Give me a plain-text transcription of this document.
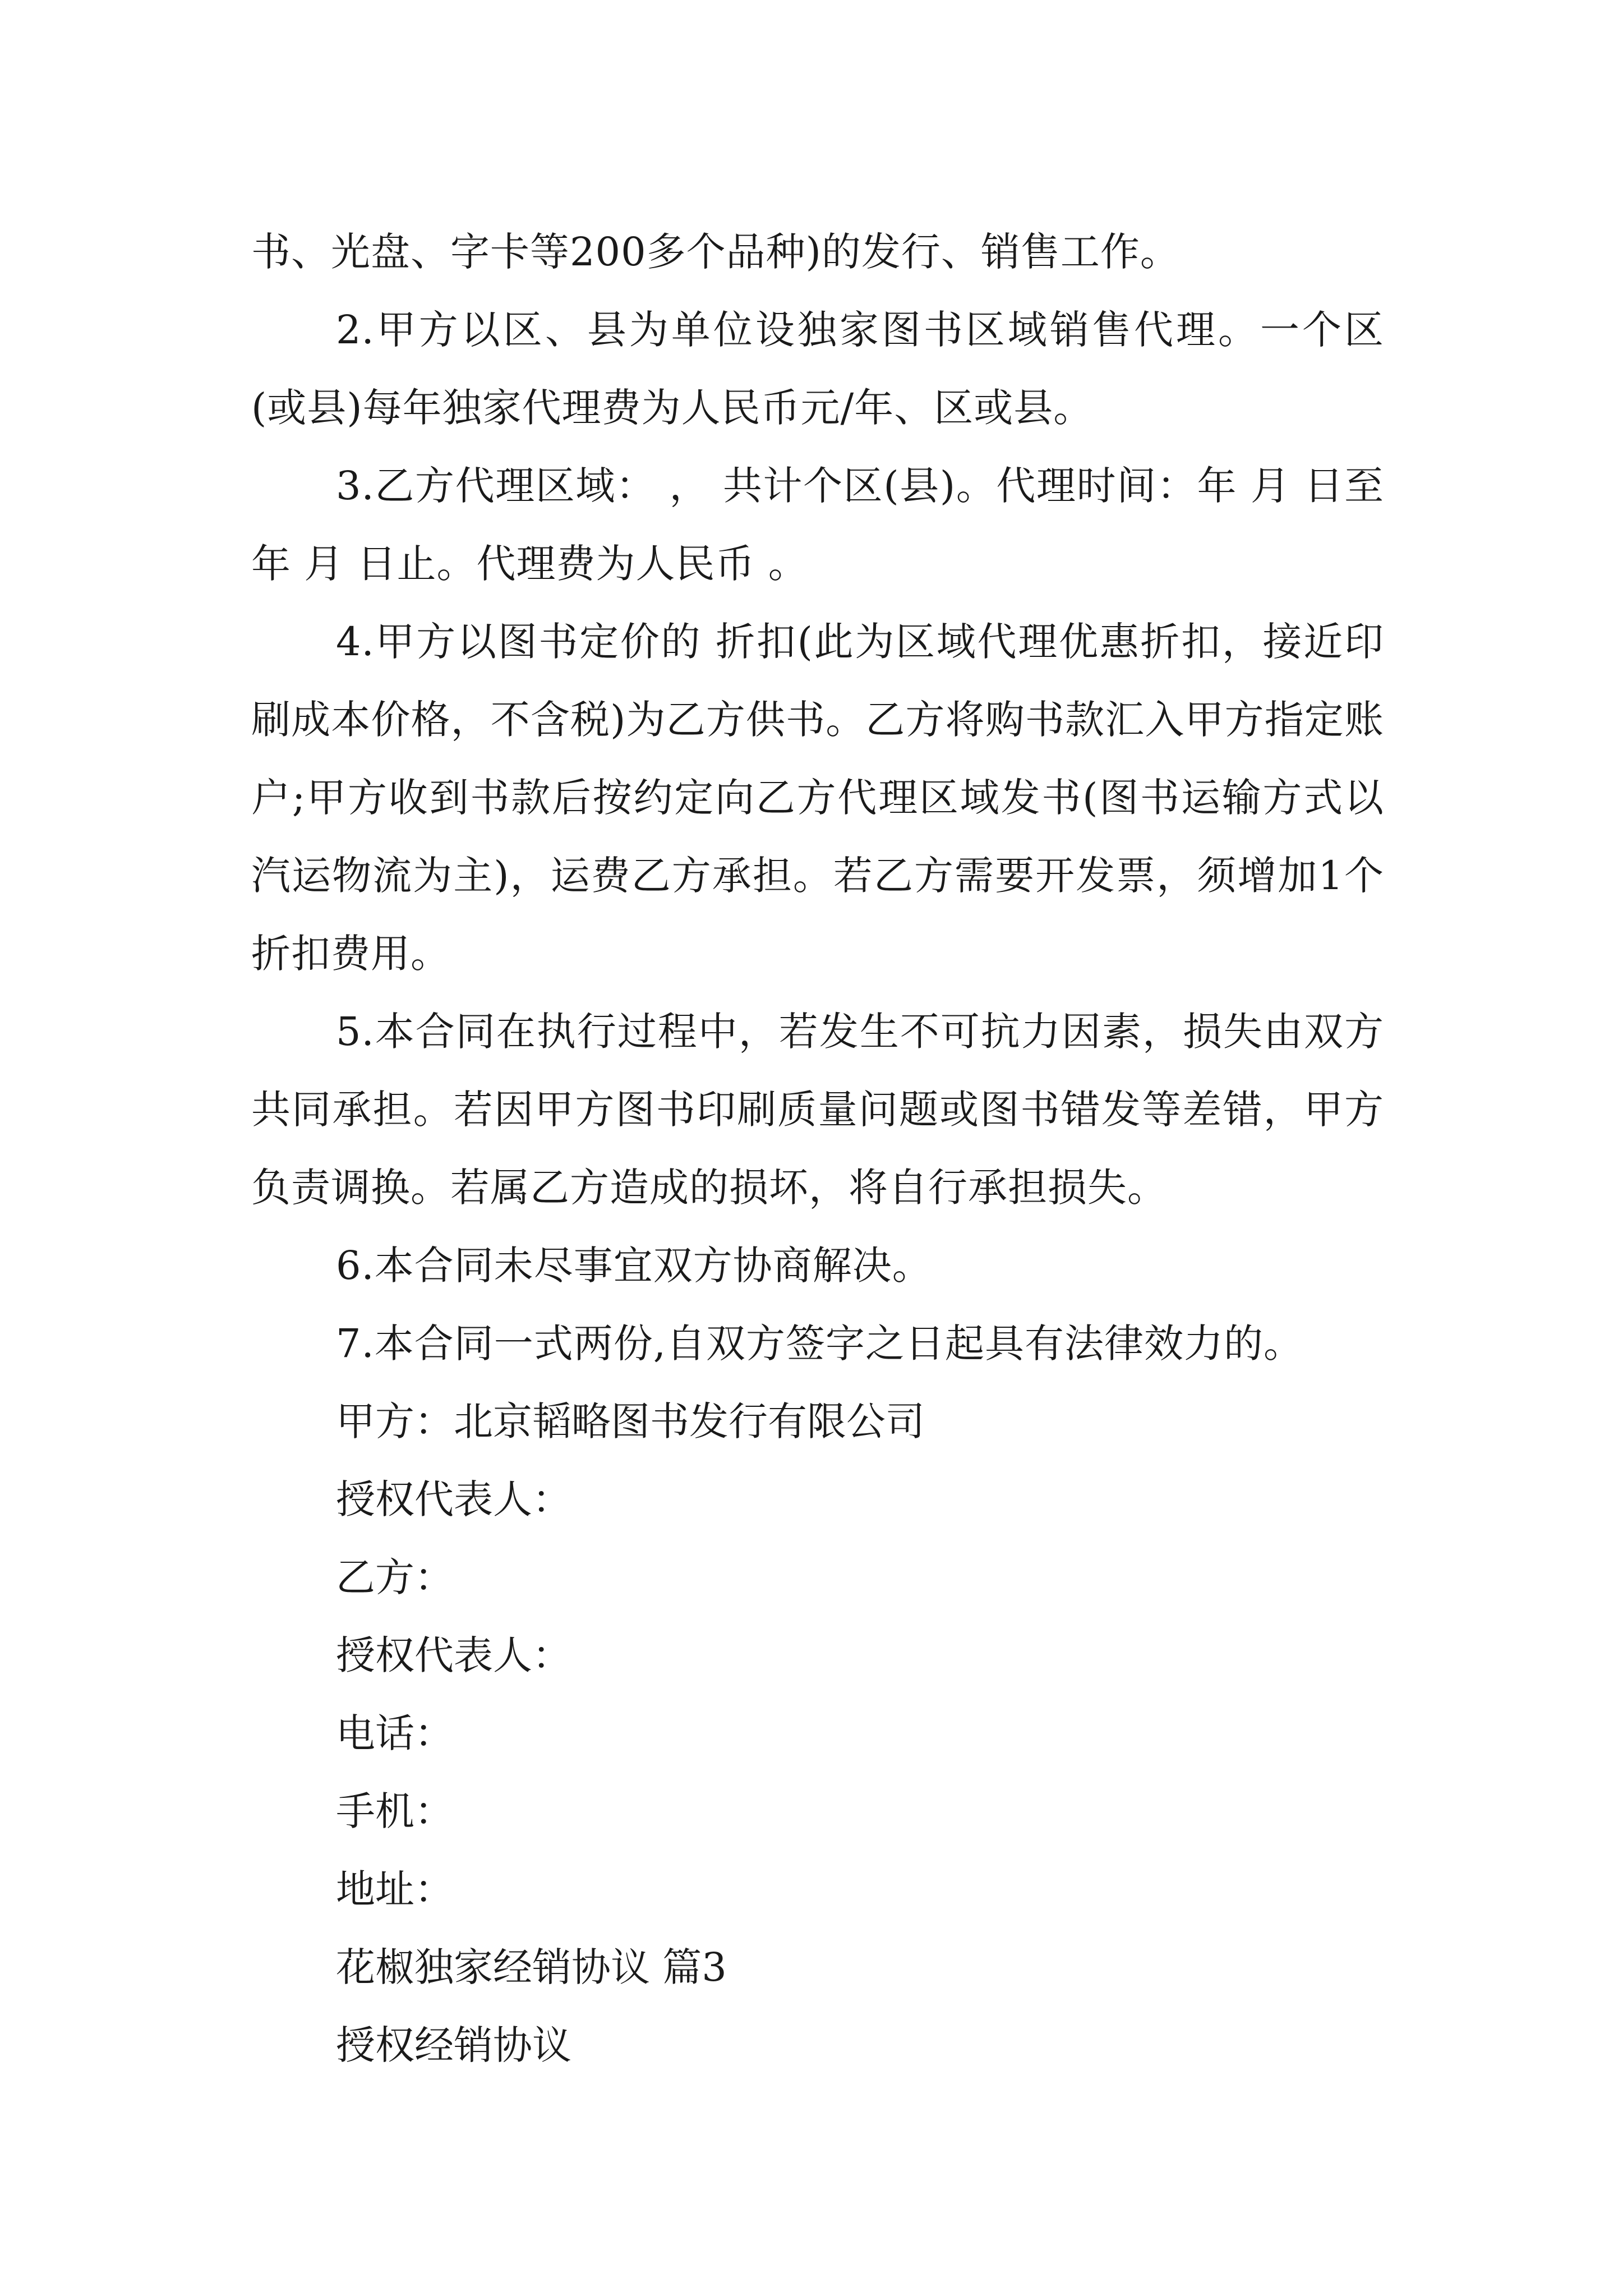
书、光盘、字卡等200多个品种)的发行、销售工作。

2.甲方以区、县为单位设独家图书区域销售代理。一个区(或县)每年独家代理费为人民币元/年、区或县。

3.乙方代理区域： ， 共计个区(县)。代理时间：年 月 日至年 月 日止。代理费为人民币 。

4.甲方以图书定价的 折扣(此为区域代理优惠折扣，接近印刷成本价格，不含税)为乙方供书。乙方将购书款汇入甲方指定账户;甲方收到书款后按约定向乙方代理区域发书(图书运输方式以汽运物流为主)，运费乙方承担。若乙方需要开发票，须增加1个折扣费用。

5.本合同在执行过程中，若发生不可抗力因素，损失由双方共同承担。若因甲方图书印刷质量问题或图书错发等差错，甲方负责调换。若属乙方造成的损坏，将自行承担损失。

6.本合同未尽事宜双方协商解决。

7.本合同一式两份,自双方签字之日起具有法律效力的。

甲方：北京韬略图书发行有限公司

授权代表人：

乙方：

授权代表人：

电话：

手机：

地址：

花椒独家经销协议 篇3

授权经销协议
